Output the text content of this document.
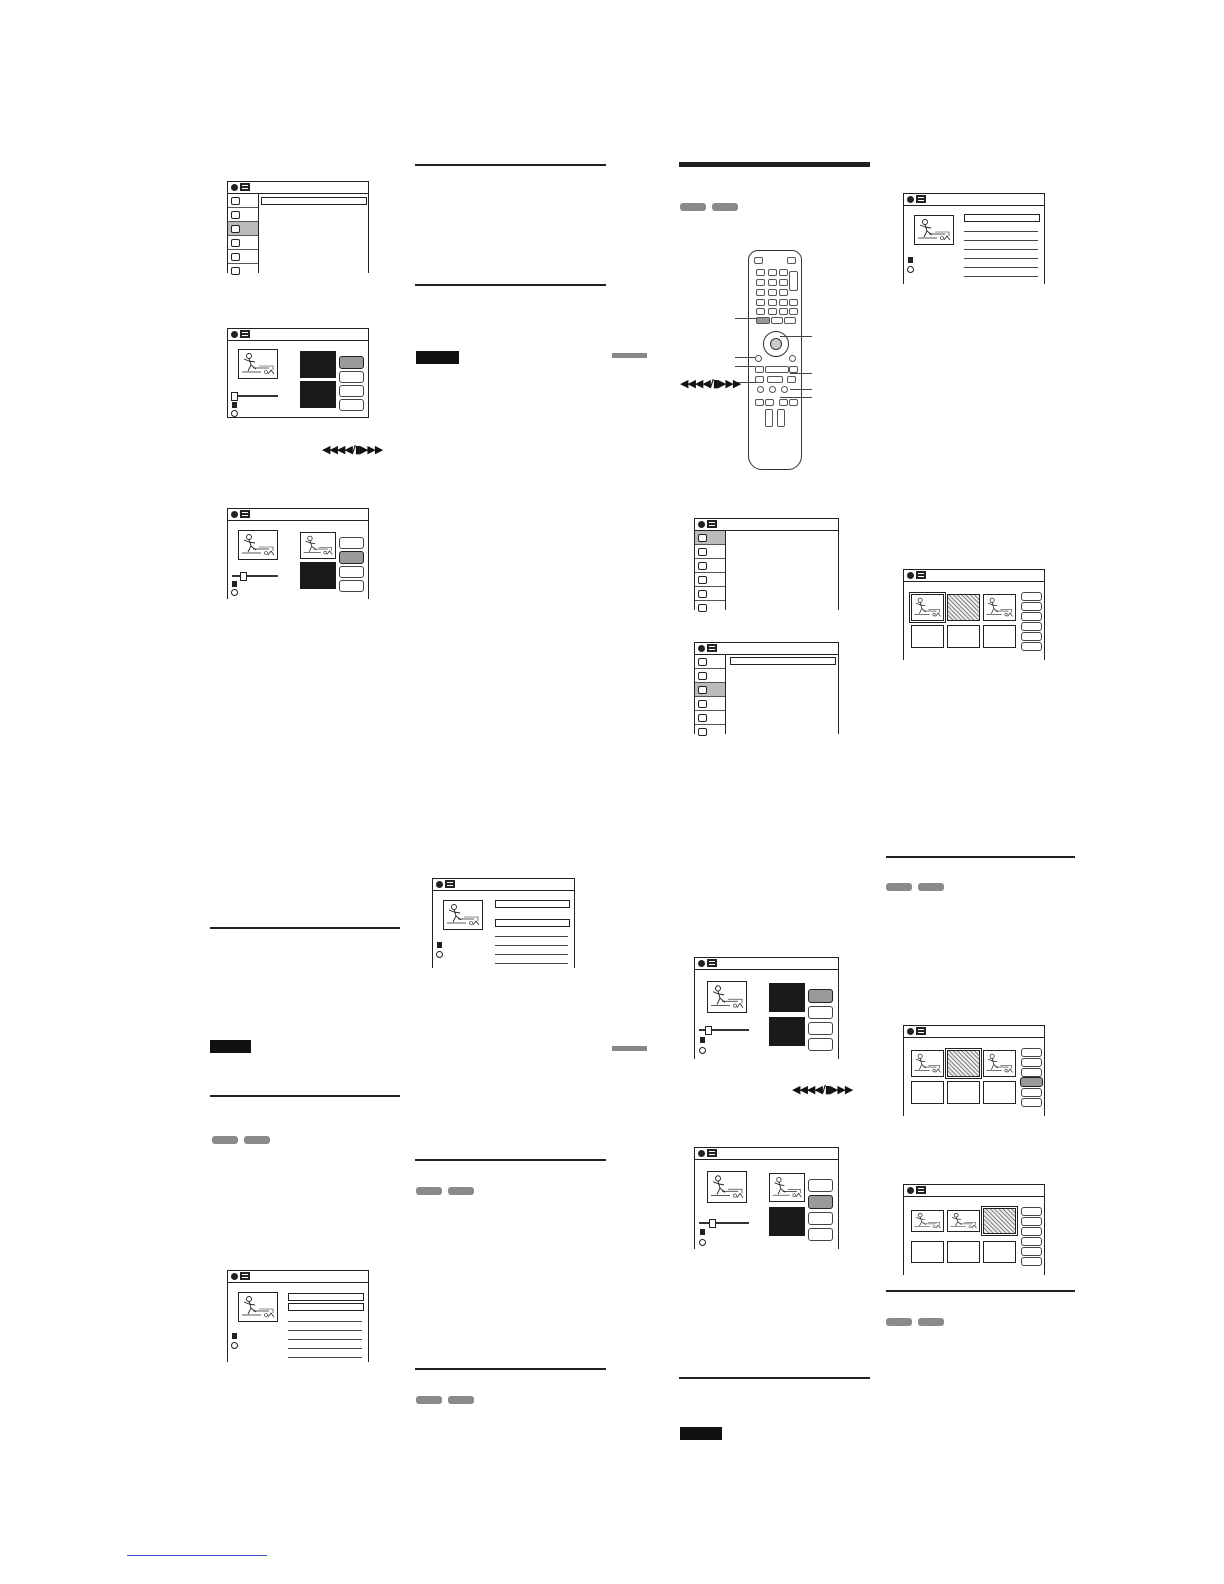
◀◀◀◀/▮▶▶▶
◀◀◀◀/▮▶▶▶
◀◀◀◀/▮▶▶▶
